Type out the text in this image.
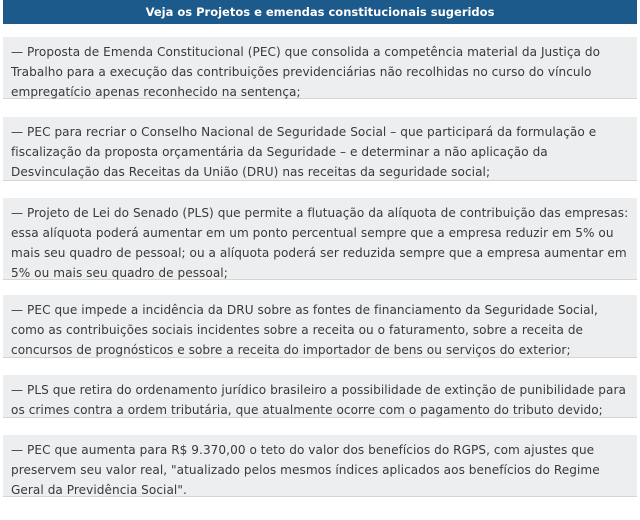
Veja os Projetos e emendas constitucionais sugeridos
— Proposta de Emenda Constitucional (PEC) que consolida a competência material da Justiça do Trabalho para a execução das contribuições previdenciárias não recolhidas no curso do vínculo empregatício apenas reconhecido na sentença;
— PEC para recriar o Conselho Nacional de Seguridade Social – que participará da formulação e fiscalização da proposta orçamentária da Seguridade – e determinar a não aplicação da Desvinculação das Receitas da União (DRU) nas receitas da seguridade social;
— Projeto de Lei do Senado (PLS) que permite a flutuação da alíquota de contribuição das empresas: essa alíquota poderá aumentar em um ponto percentual sempre que a empresa reduzir em 5% ou mais seu quadro de pessoal; ou a alíquota poderá ser reduzida sempre que a empresa aumentar em 5% ou mais seu quadro de pessoal;
— PEC que impede a incidência da DRU sobre as fontes de financiamento da Seguridade Social, como as contribuições sociais incidentes sobre a receita ou o faturamento, sobre a receita de concursos de prognósticos e sobre a receita do importador de bens ou serviços do exterior;
— PLS que retira do ordenamento jurídico brasileiro a possibilidade de extinção de punibilidade para os crimes contra a ordem tributária, que atualmente ocorre com o pagamento do tributo devido;
— PEC que aumenta para R$ 9.370,00 o teto do valor dos benefícios do RGPS, com ajustes que preservem seu valor real, "atualizado pelos mesmos índices aplicados aos benefícios do Regime Geral da Previdência Social".
